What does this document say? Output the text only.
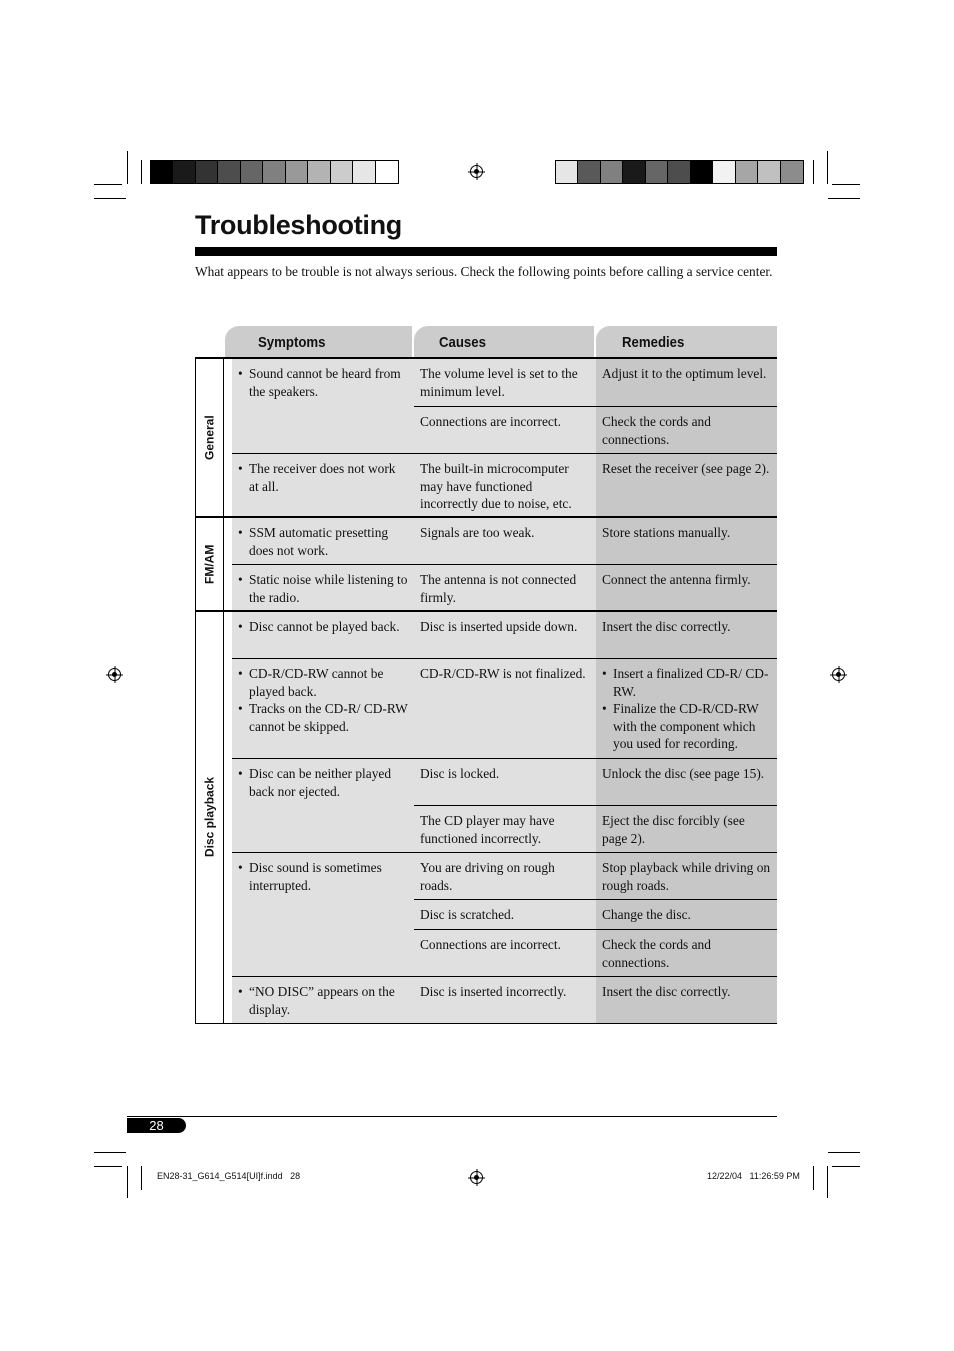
Troubleshooting

What appears to be trouble is not always serious. Check the following points before calling a service center.

Symptoms	Causes	Remedies
• Sound cannot be heard from the speakers.
The volume level is set to the minimum level.
Adjust it to the optimum level.
Connections are incorrect.	Check the cords and connections.
• The receiver does not work at all.
The built-in microcomputer may have functioned incorrectly due to noise, etc.
Reset the receiver (see page 2).
• SSM automatic presetting does not work.
Signals are too weak.	Store stations manually.
• Static noise while listening to the radio.
The antenna is not connected firmly.
Connect the antenna firmly.
• Disc cannot be played back.	Disc is inserted upside down.	Insert the disc correctly.
• CD-R/CD-RW cannot be played back.
• Tracks on the CD-R/ CD-RW cannot be skipped.
CD-R/CD-RW is not finalized.
•	Insert a finalized CD-R/ CD-RW.
• Finalize the CD-R/CD-RW with the component which you used for recording.
• Disc can be neither played back nor ejected.
Disc is locked.	Unlock the disc (see page 15).
The CD player may have functioned incorrectly.
Eject the disc forcibly (see page 2).
• Disc sound is sometimes interrupted.
You are driving on rough roads.
Stop playback while driving on rough roads.
Disc is scratched.	Change the disc.
Connections are incorrect.	Check the cords and connections.
• “NO DISC” appears on the display.
Disc is inserted incorrectly.	Insert the disc correctly.
General
FM/AM
Disc playback
28
EN28-31_G614_G514[UI]f.indd   28	12/22/04   11:26:59 PM
